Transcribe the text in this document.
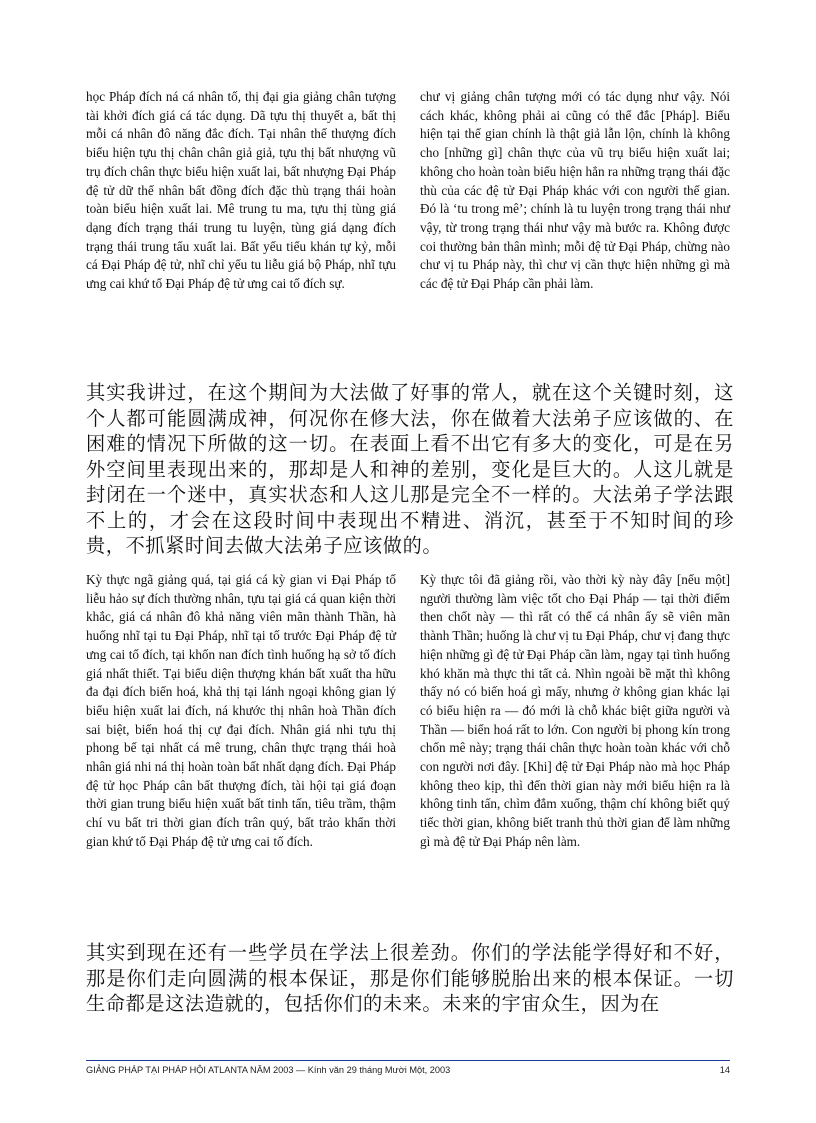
học Pháp đích ná cá nhân tố, thị đại gia giảng chân tượng tài khởi đích giá cá tác dụng. Dã tựu thị thuyết a, bất thị mỗi cá nhân đô năng đắc đích. Tại nhân thế thượng đích biểu hiện tựu thị chân chân giả giả, tựu thị bất nhượng vũ trụ đích chân thực biểu hiện xuất lai, bất nhượng Đại Pháp đệ tử dữ thế nhân bất đồng đích đặc thù trạng thái hoàn toàn biểu hiện xuất lai. Mê trung tu ma, tựu thị tùng giá dạng đích trạng thái trung tu luyện, tùng giá dạng đích trạng thái trung tẩu xuất lai. Bất yếu tiểu khán tự kỷ, mỗi cá Đại Pháp đệ tử, nhĩ chỉ yếu tu liễu giá bộ Pháp, nhĩ tựu ưng cai khứ tố Đại Pháp đệ tử ưng cai tố đích sự.

chư vị giảng chân tượng mới có tác dụng như vậy. Nói cách khác, không phải ai cũng có thể đắc [Pháp]. Biểu hiện tại thế gian chính là thật giả lẫn lộn, chính là không cho [những gì] chân thực của vũ trụ biểu hiện xuất lai; không cho hoàn toàn biểu hiện hẳn ra những trạng thái đặc thù của các đệ tử Đại Pháp khác với con người thế gian. Đó là ‘tu trong mê’; chính là tu luyện trong trạng thái như vậy, từ trong trạng thái như vậy mà bước ra. Không được coi thường bản thân mình; mỗi đệ tử Đại Pháp, chừng nào chư vị tu Pháp này, thì chư vị cần thực hiện những gì mà các đệ tử Đại Pháp cần phải làm.

其实我讲过，在这个期间为大法做了好事的常人，就在这个关键时刻，这个人都可能圆满成神，何况你在修大法，你在做着大法弟子应该做的、在困难的情况下所做的这一切。在表面上看不出它有多大的变化，可是在另外空间里表现出来的，那却是人和神的差别，变化是巨大的。人这儿就是封闭在一个迷中，真实状态和人这儿那是完全不一样的。大法弟子学法跟不上的，才会在这段时间中表现出不精进、消沉，甚至于不知时间的珍贵，不抓紧时间去做大法弟子应该做的。

Kỳ thực ngã giảng quá, tại giá cá kỳ gian vi Đại Pháp tố liễu hảo sự đích thường nhân, tựu tại giá cá quan kiện thời khắc, giá cá nhân đô khả năng viên mãn thành Thần, hà huống nhĩ tại tu Đại Pháp, nhĩ tại tố trước Đại Pháp đệ tử ưng cai tố đích, tại khốn nan đích tình huống hạ sở tố đích giá nhất thiết. Tại biểu diện thượng khán bất xuất tha hữu đa đại đích biến hoá, khả thị tại lánh ngoại không gian lý biểu hiện xuất lai đích, ná khước thị nhân hoà Thần đích sai biệt, biến hoá thị cự đại đích. Nhân giá nhi tựu thị phong bế tại nhất cá mê trung, chân thực trạng thái hoà nhân giá nhi ná thị hoàn toàn bất nhất dạng đích. Đại Pháp đệ tử học Pháp cân bất thượng đích, tài hội tại giá đoạn thời gian trung biểu hiện xuất bất tinh tấn, tiêu trầm, thậm chí vu bất tri thời gian đích trân quý, bất trảo khẩn thời gian khứ tố Đại Pháp đệ tử ưng cai tố đích.

Kỳ thực tôi đã giảng rồi, vào thời kỳ này đây [nếu một] người thường làm việc tốt cho Đại Pháp — tại thời điểm then chốt này — thì rất có thể cá nhân ấy sẽ viên mãn thành Thần; huống là chư vị tu Đại Pháp, chư vị đang thực hiện những gì đệ tử Đại Pháp cần làm, ngay tại tình huống khó khăn mà thực thi tất cả. Nhìn ngoài bề mặt thì không thấy nó có biến hoá gì mấy, nhưng ở không gian khác lại có biểu hiện ra — đó mới là chỗ khác biệt giữa người và Thần — biến hoá rất to lớn. Con người bị phong kín trong chốn mê này; trạng thái chân thực hoàn toàn khác với chỗ con người nơi đây. [Khi] đệ tử Đại Pháp nào mà học Pháp không theo kịp, thì đến thời gian này mới biểu hiện ra là không tinh tấn, chìm đắm xuống, thậm chí không biết quý tiếc thời gian, không biết tranh thủ thời gian để làm những gì mà đệ tử Đại Pháp nên làm.

其实到现在还有一些学员在学法上很差劲。你们的学法能学得好和不好，那是你们走向圆满的根本保证，那是你们能够脱胎出来的根本保证。一切生命都是这法造就的，包括你们的未来。未来的宇宙众生，因为在

GIẢNG PHÁP TẠI PHÁP HỘI ATLANTA NĂM 2003 — Kính văn 29 tháng Mười Một, 2003	14
